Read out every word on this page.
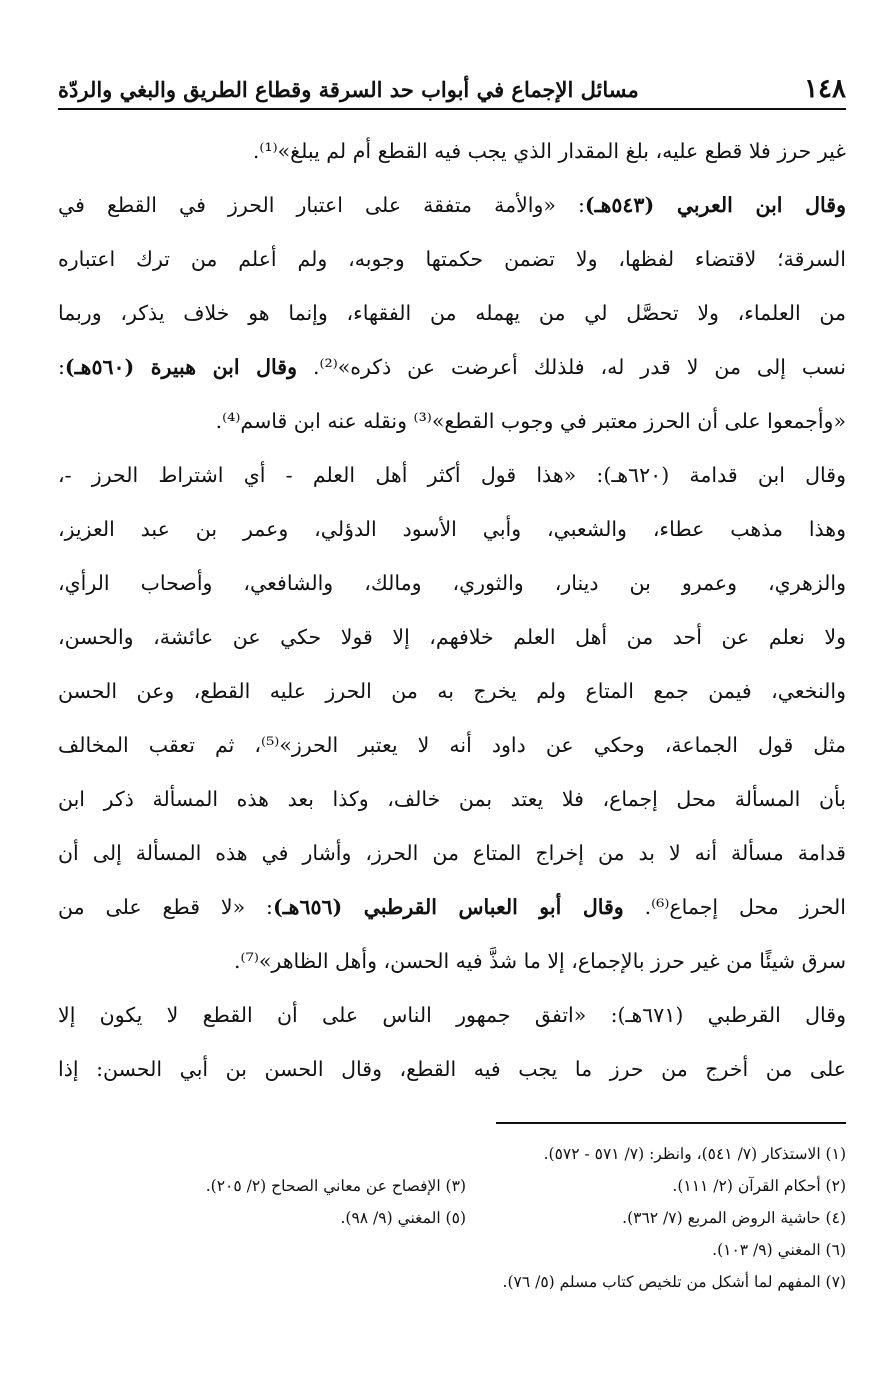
١٤٨
مسائل الإجماع في أبواب حد السرقة وقطاع الطريق والبغي والردّة
غير حرز فلا قطع عليه، بلغ المقدار الذي يجب فيه القطع أم لم يبلغ»⁽¹⁾.
وقال ابن العربي (٥٤٣هـ): «والأمة متفقة على اعتبار الحرز في القطع في
السرقة؛ لاقتضاء لفظها، ولا تضمن حكمتها وجوبه، ولم أعلم من ترك اعتباره
من العلماء، ولا تحصَّل لي من يهمله من الفقهاء، وإنما هو خلاف يذكر، وربما
نسب إلى من لا قدر له، فلذلك أعرضت عن ذكره»⁽²⁾. وقال ابن هبيرة (٥٦٠هـ):
«وأجمعوا على أن الحرز معتبر في وجوب القطع»⁽³⁾ ونقله عنه ابن قاسم⁽⁴⁾.
وقال ابن قدامة (٦٢٠هـ): «هذا قول أكثر أهل العلم - أي اشتراط الحرز -،
وهذا مذهب عطاء، والشعبي، وأبي الأسود الدؤلي، وعمر بن عبد العزيز،
والزهري، وعمرو بن دينار، والثوري، ومالك، والشافعي، وأصحاب الرأي،
ولا نعلم عن أحد من أهل العلم خلافهم، إلا قولا حكي عن عائشة، والحسن،
والنخعي، فيمن جمع المتاع ولم يخرج به من الحرز عليه القطع، وعن الحسن
مثل قول الجماعة، وحكي عن داود أنه لا يعتبر الحرز»⁽⁵⁾، ثم تعقب المخالف
بأن المسألة محل إجماع، فلا يعتد بمن خالف، وكذا بعد هذه المسألة ذكر ابن
قدامة مسألة أنه لا بد من إخراج المتاع من الحرز، وأشار في هذه المسألة إلى أن
الحرز محل إجماع⁽⁶⁾. وقال أبو العباس القرطبي (٦٥٦هـ): «لا قطع على من
سرق شيئًا من غير حرز بالإجماع، إلا ما شذَّ فيه الحسن، وأهل الظاهر»⁽⁷⁾.
وقال القرطبي (٦٧١هـ): «اتفق جمهور الناس على أن القطع لا يكون إلا
على من أخرج من حرز ما يجب فيه القطع، وقال الحسن بن أبي الحسن: إذا
(١) الاستذكار (٧/ ٥٤١)، وانظر: (٧/ ٥٧١ - ٥٧٢).
(٢) أحكام القرآن (٢/ ١١١).
(٣) الإفصاح عن معاني الصحاح (٢/ ٢٠٥).
(٤) حاشية الروض المربع (٧/ ٣٦٢).
(٥) المغني (٩/ ٩٨).
(٦) المغني (٩/ ١٠٣).
(٧) المفهم لما أشكل من تلخيص كتاب مسلم (٥/ ٧٦).
